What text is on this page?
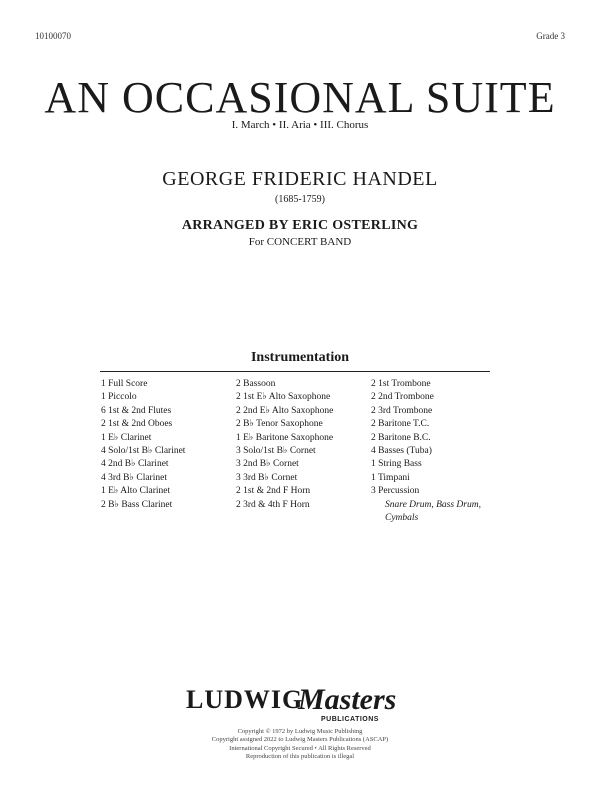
10100070	Grade 3
AN OCCASIONAL SUITE
I. March • II. Aria • III. Chorus
GEORGE FRIDERIC HANDEL
(1685-1759)
ARRANGED BY ERIC OSTERLING
For CONCERT BAND
Instrumentation
1 Full Score
1 Piccolo
6 1st & 2nd Flutes
2 1st & 2nd Oboes
1 E♭ Clarinet
4 Solo/1st B♭ Clarinet
4 2nd B♭ Clarinet
4 3rd B♭ Clarinet
1 E♭ Alto Clarinet
2 B♭ Bass Clarinet
2 Bassoon
2 1st E♭ Alto Saxophone
2 2nd E♭ Alto Saxophone
2 B♭ Tenor Saxophone
1 E♭ Baritone Saxophone
3 Solo/1st B♭ Cornet
3 2nd B♭ Cornet
3 3rd B♭ Cornet
2 1st & 2nd F Horn
2 3rd & 4th F Horn
2 1st Trombone
2 2nd Trombone
2 3rd Trombone
2 Baritone T.C.
2 Baritone B.C.
4 Basses (Tuba)
1 String Bass
1 Timpani
3 Percussion
Snare Drum, Bass Drum,
Cymbals
LUDWIG
Masters
PUBLICATIONS
Copyright © 1972 by Ludwig Music Publishing
Copyright assigned 2022 to Ludwig Masters Publications (ASCAP)
International Copyright Secured • All Rights Reserved
Reproduction of this publication is illegal
